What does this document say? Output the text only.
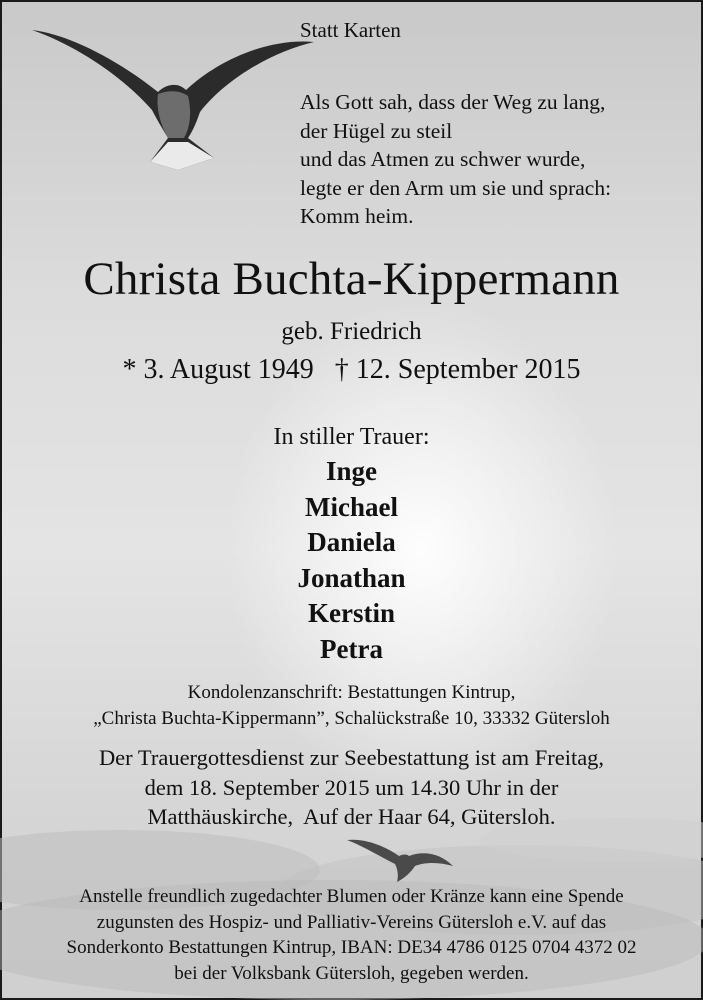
Statt Karten
Als Gott sah, dass der Weg zu lang,
der Hügel zu steil
und das Atmen zu schwer wurde,
legte er den Arm um sie und sprach:
Komm heim.
Christa Buchta-Kippermann
geb. Friedrich
* 3. August 1949   † 12. September 2015
In stiller Trauer:
Inge
Michael
Daniela
Jonathan
Kerstin
Petra
Kondolenzanschrift: Bestattungen Kintrup,
„Christa Buchta-Kippermann”, Schalückstraße 10, 33332 Gütersloh
Der Trauergottesdienst zur Seebestattung ist am Freitag,
dem 18. September 2015 um 14.30 Uhr in der
Matthäuskirche,  Auf der Haar 64, Gütersloh.
Anstelle freundlich zugedachter Blumen oder Kränze kann eine Spende
zugunsten des Hospiz- und Palliativ-Vereins Gütersloh e.V. auf das
Sonderkonto Bestattungen Kintrup, IBAN: DE34 4786 0125 0704 4372 02
bei der Volksbank Gütersloh, gegeben werden.
